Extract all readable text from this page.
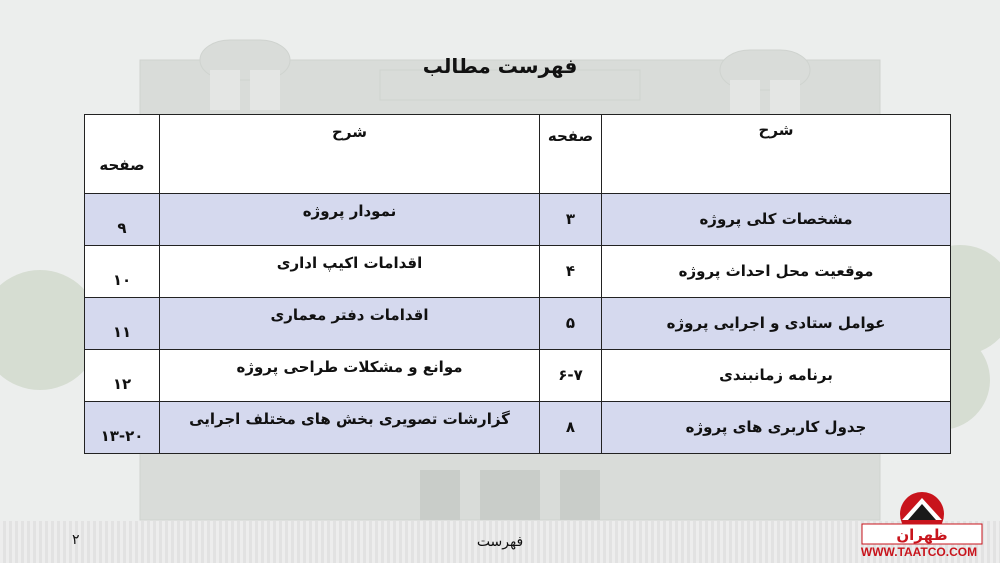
فهرست مطالب
صفحه	شرح	صفحه	شرح
۹	نمودار پروژه	۳	مشخصات کلی پروژه
۱۰	اقدامات اکیپ اداری	۴	موقعیت محل احداث پروژه
۱۱	اقدامات دفتر معماری	۵	عوامل ستادی و اجرایی پروژه
۱۲	موانع و مشکلات طراحی پروژه	۶-۷	برنامه زمانبندی
۱۳-۲۰	گزارشات تصویری بخش های مختلف اجرایی	۸	جدول کاربری های پروژه
فهرست
۲	ظهران
WWW.TAATCO.COM
